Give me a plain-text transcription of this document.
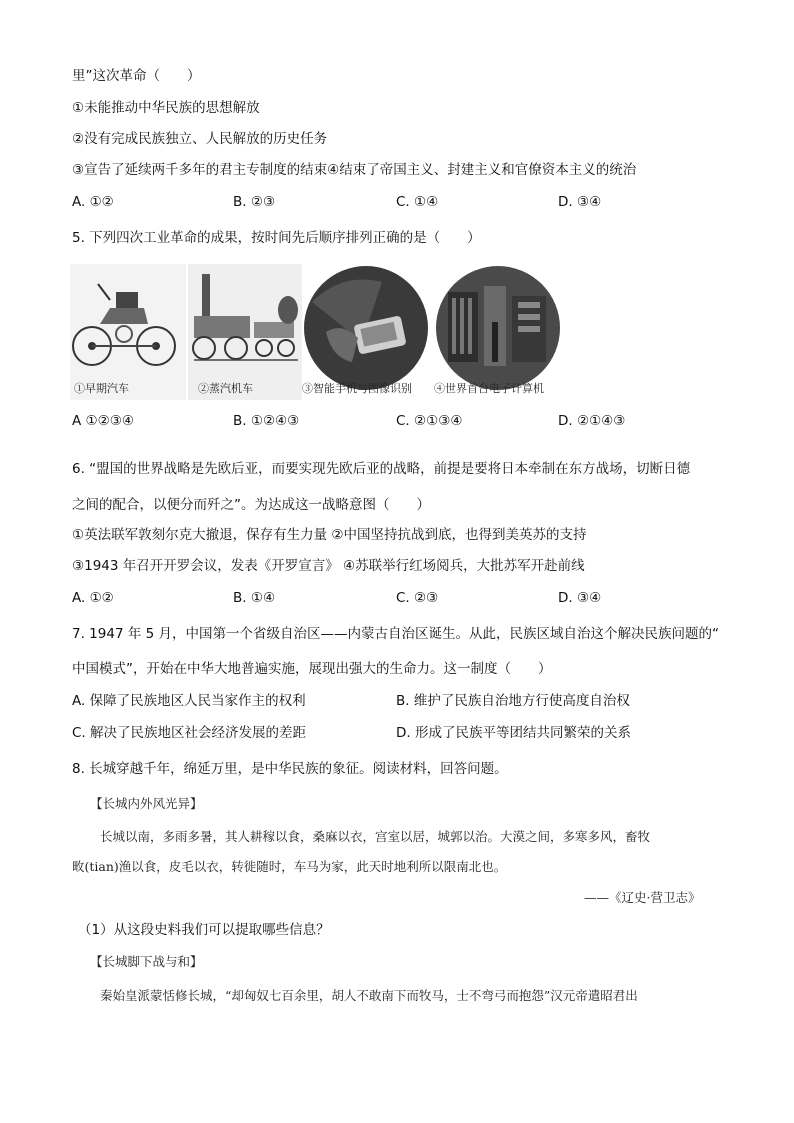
里”这次革命（　　）
①未能推动中华民族的思想解放
②没有完成民族独立、人民解放的历史任务
③宣告了延续两千多年的君主专制度的结束④结束了帝国主义、封建主义和官僚资本主义的统治
A. ①②	B. ②③	C. ①④	D. ③④
5. 下列四次工业革命的成果，按时间先后顺序排列正确的是（　　）
①早期汽车	②蒸汽机车	③智能手机与图像识别 ④世界首台电子计算机
A ①②③④	B. ①②④③	C. ②①③④	D. ②①④③
6. “盟国的世界战略是先欧后亚，而要实现先欧后亚的战略，前提是要将日本牵制在东方战场，切断日德
之间的配合，以便分而歼之”。为达成这一战略意图（　　）
①英法联军敦刻尔克大撤退，保存有生力量 ②中国坚持抗战到底，也得到美英苏的支持
③1943 年召开开罗会议，发表《开罗宣言》 ④苏联举行红场阅兵，大批苏军开赴前线
A. ①②	B. ①④	C. ②③	D. ③④
7. 1947 年 5 月，中国第一个省级自治区——内蒙古自治区诞生。从此，民族区域自治这个解决民族问题的“
中国模式”，开始在中华大地普遍实施，展现出强大的生命力。这一制度（　　）
A. 保障了民族地区人民当家作主的权利	B. 维护了民族自治地方行使高度自治权
C. 解决了民族地区社会经济发展的差距	D. 形成了民族平等团结共同繁荣的关系
8. 长城穿越千年，绵延万里，是中华民族的象征。阅读材料，回答问题。
【长城内外风光异】
长城以南，多雨多暑，其人耕稼以食，桑麻以衣，宫室以居，城郭以治。大漠之间，多寒多风，畜牧
畋(tian)渔以食，皮毛以衣，转徙随时，车马为家，此天时地利所以限南北也。
——《辽史·营卫志》
（1）从这段史料我们可以提取哪些信息？
【长城脚下战与和】
秦始皇派蒙恬修长城，“却匈奴七百余里，胡人不敢南下而牧马，士不弯弓而抱怨”汉元帝遣昭君出
